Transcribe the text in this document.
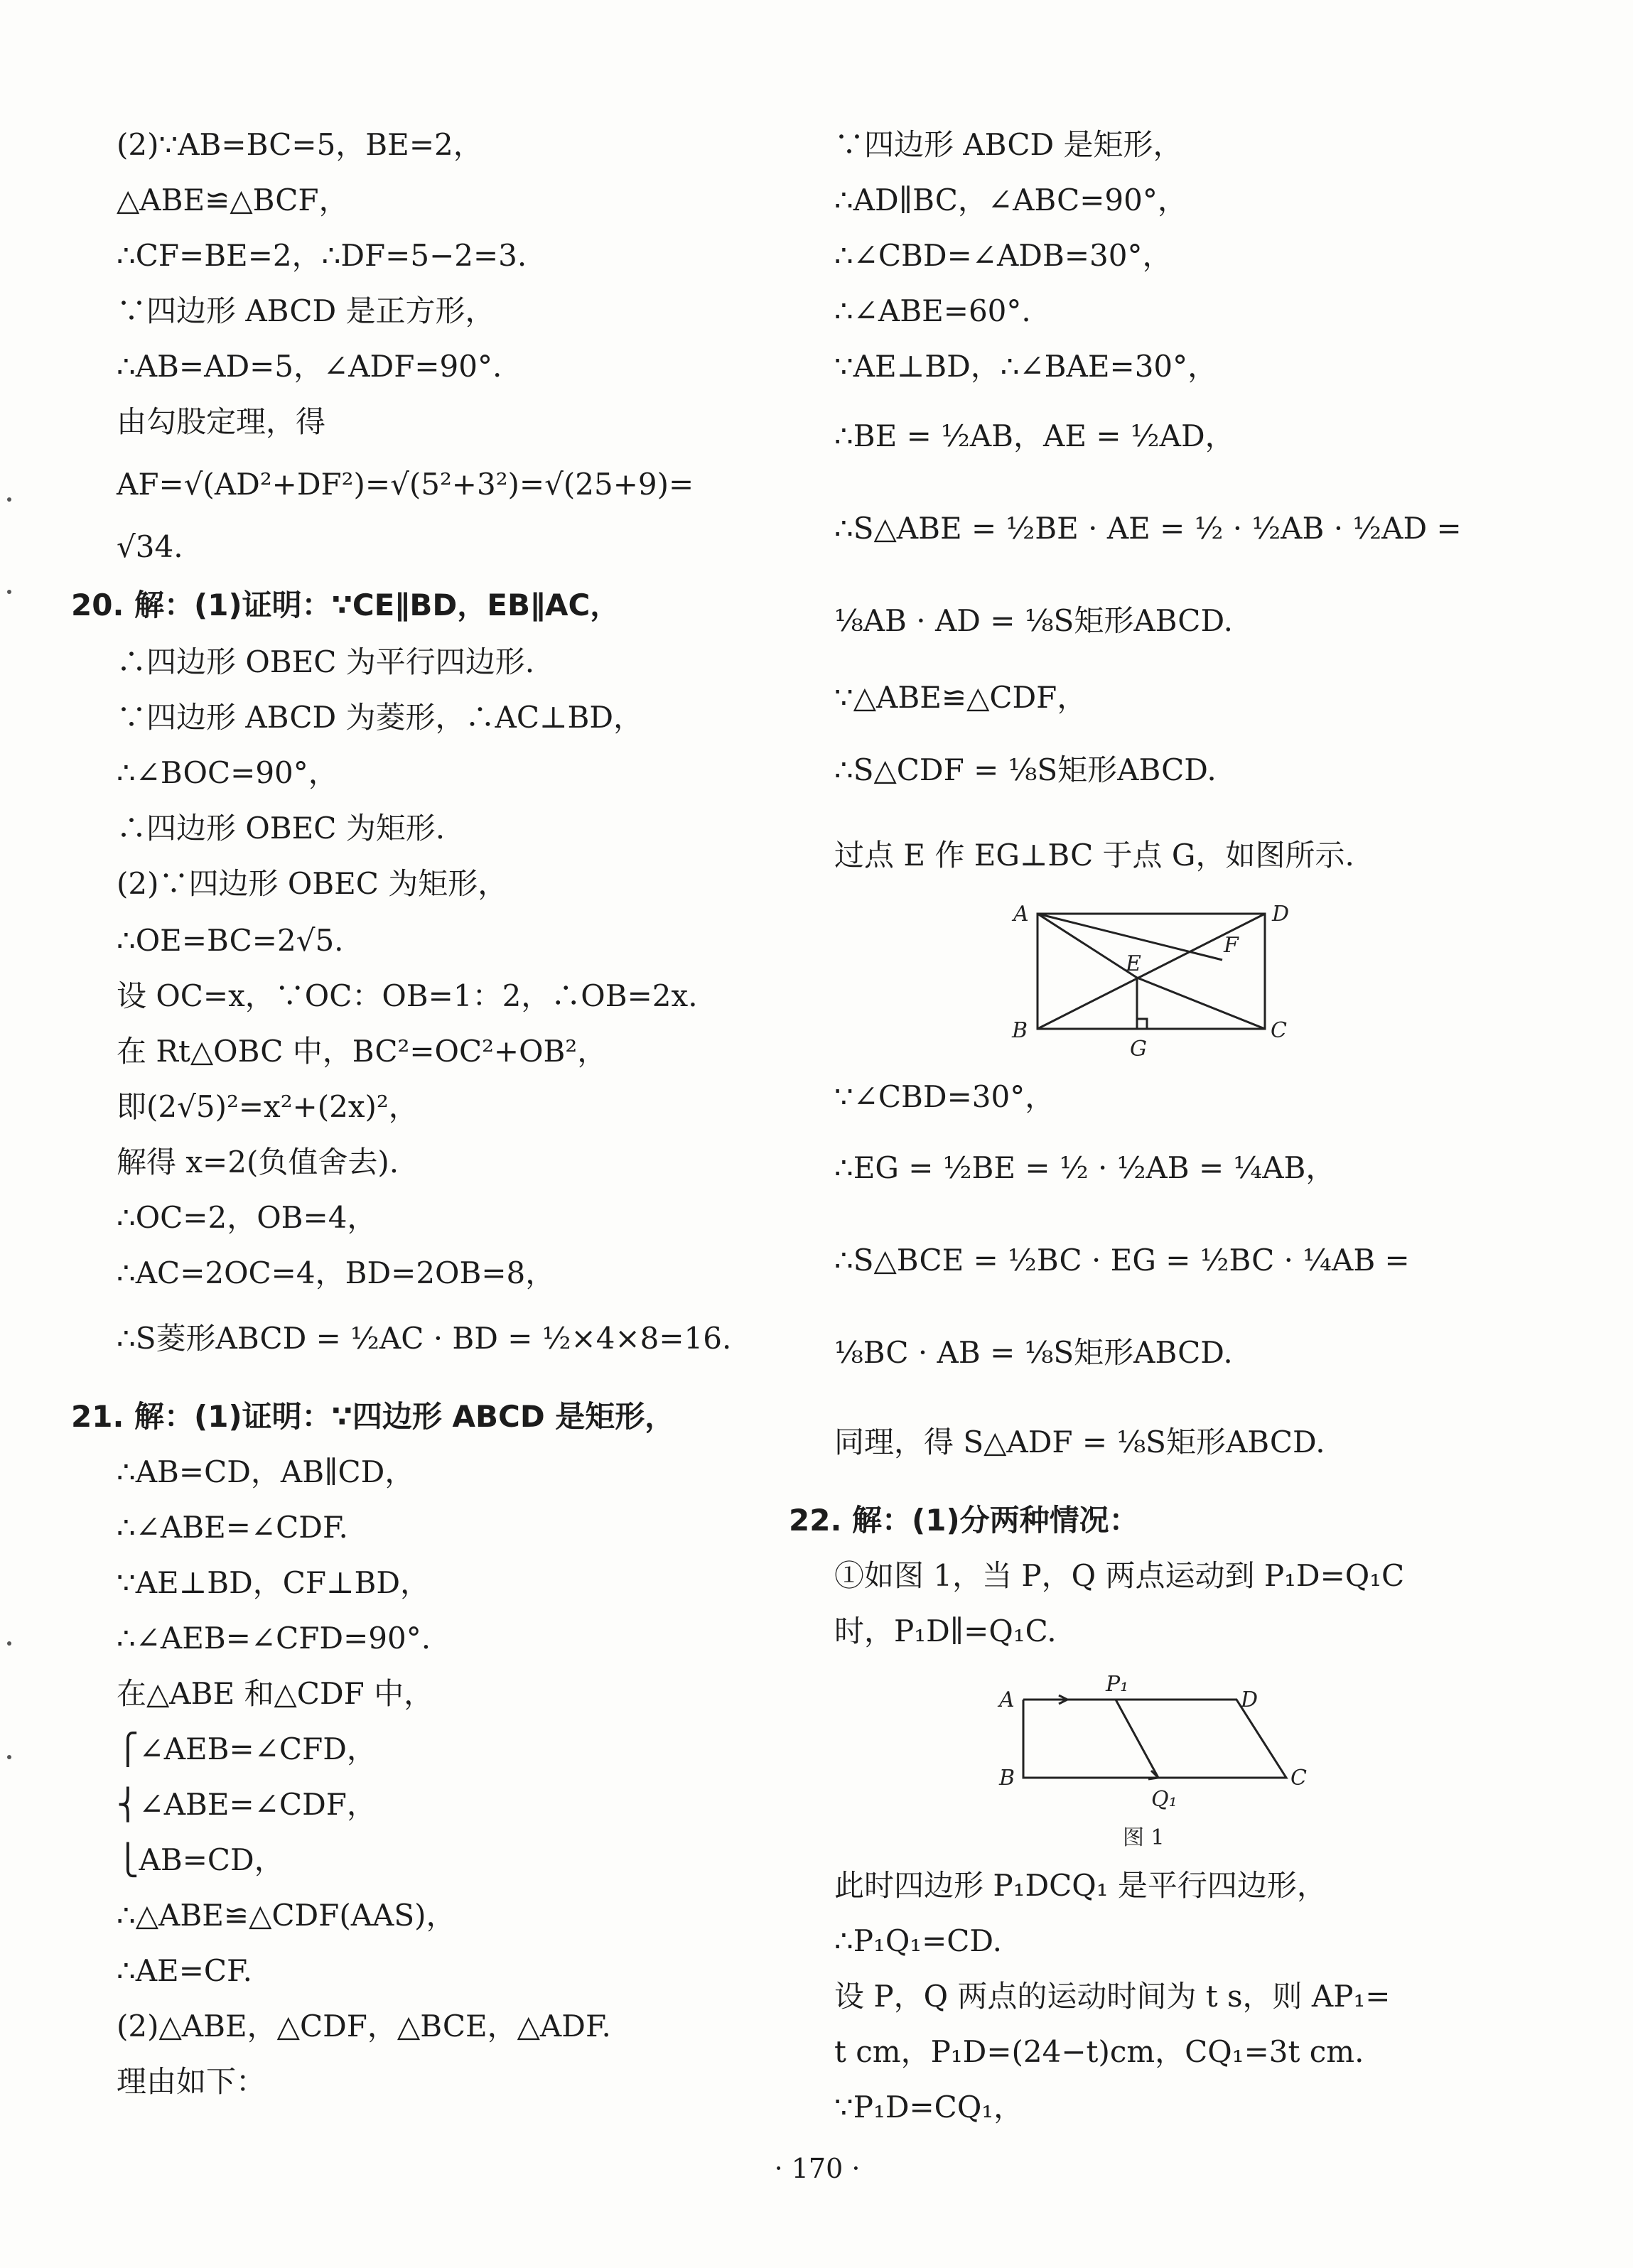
(2)∵AB=BC=5，BE=2，
△ABE≌△BCF，
∴CF=BE=2，∴DF=5−2=3.
∵四边形 ABCD 是正方形，
∴AB=AD=5，∠ADF=90°.
由勾股定理，得
AF=√(AD²+DF²)=√(5²+3²)=√(25+9)=
√34.
20. 解：(1)证明：∵CE∥BD，EB∥AC，
∴四边形 OBEC 为平行四边形.
∵四边形 ABCD 为菱形，∴AC⊥BD，
∴∠BOC=90°，
∴四边形 OBEC 为矩形.
(2)∵四边形 OBEC 为矩形，
∴OE=BC=2√5.
设 OC=x，∵OC：OB=1：2，∴OB=2x.
在 Rt△OBC 中，BC²=OC²+OB²，
即(2√5)²=x²+(2x)²，
解得 x=2(负值舍去).
∴OC=2，OB=4，
∴AC=2OC=4，BD=2OB=8，
∴S菱形ABCD = ½AC · BD = ½×4×8=16.
21. 解：(1)证明：∵四边形 ABCD 是矩形，
∴AB=CD，AB∥CD，
∴∠ABE=∠CDF.
∵AE⊥BD，CF⊥BD，
∴∠AEB=∠CFD=90°.
在△ABE 和△CDF 中，
⎧∠AEB=∠CFD，
⎨∠ABE=∠CDF，
⎩AB=CD，
∴△ABE≌△CDF(AAS)，
∴AE=CF.
(2)△ABE，△CDF，△BCE，△ADF.
理由如下：
∵四边形 ABCD 是矩形，
∴AD∥BC，∠ABC=90°，
∴∠CBD=∠ADB=30°，
∴∠ABE=60°.
∵AE⊥BD，∴∠BAE=30°，
∴BE = ½AB，AE = ½AD，
∴S△ABE = ½BE · AE = ½ · ½AB · ½AD =
⅛AB · AD = ⅛S矩形ABCD.
∵△ABE≌△CDF，
∴S△CDF = ⅛S矩形ABCD.
过点 E 作 EG⊥BC 于点 G，如图所示.
A	D
F
E
B
G
C
∵∠CBD=30°，
∴EG = ½BE = ½ · ½AB = ¼AB，
∴S△BCE = ½BC · EG = ½BC · ¼AB =
⅛BC · AB = ⅛S矩形ABCD.
同理，得 S△ADF = ⅛S矩形ABCD.
22. 解：(1)分两种情况：
①如图 1，当 P，Q 两点运动到 P₁D=Q₁C
时，P₁D∥=Q₁C.
A
P₁
D
B
Q₁
C
图 1
此时四边形 P₁DCQ₁ 是平行四边形，
∴P₁Q₁=CD.
设 P，Q 两点的运动时间为 t s，则 AP₁=
t cm，P₁D=(24−t)cm，CQ₁=3t cm.
∵P₁D=CQ₁，
· 170 ·
